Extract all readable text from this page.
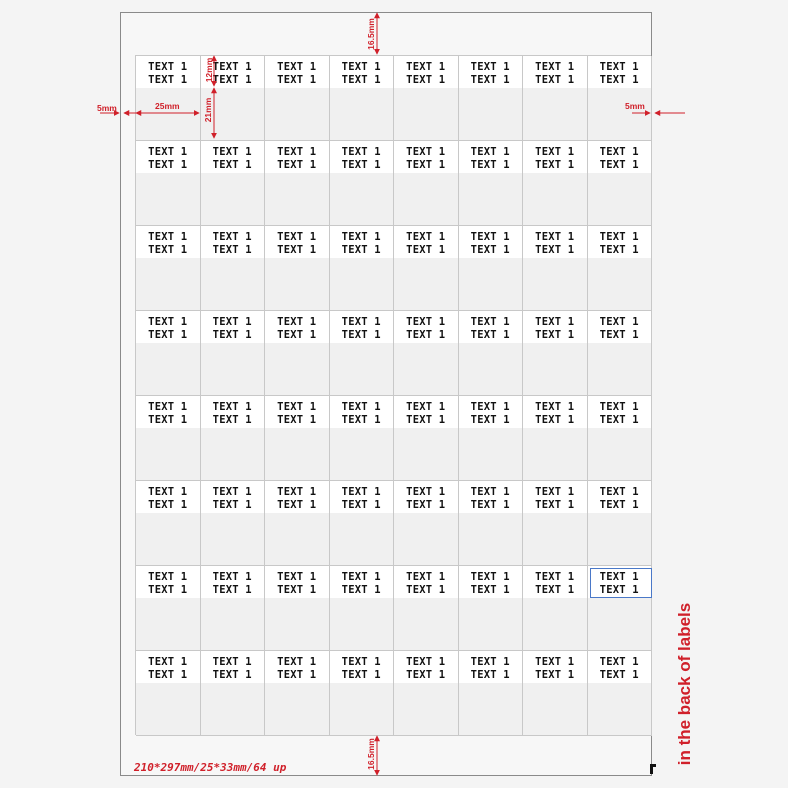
TEXT 1
TEXT 1
TEXT 1
TEXT 1
TEXT 1
TEXT 1
TEXT 1
TEXT 1
TEXT 1
TEXT 1
TEXT 1
TEXT 1
TEXT 1
TEXT 1
TEXT 1
TEXT 1
TEXT 1
TEXT 1
TEXT 1
TEXT 1
TEXT 1
TEXT 1
TEXT 1
TEXT 1
TEXT 1
TEXT 1
TEXT 1
TEXT 1
TEXT 1
TEXT 1
TEXT 1
TEXT 1
TEXT 1
TEXT 1
TEXT 1
TEXT 1
TEXT 1
TEXT 1
TEXT 1
TEXT 1
TEXT 1
TEXT 1
TEXT 1
TEXT 1
TEXT 1
TEXT 1
TEXT 1
TEXT 1
TEXT 1
TEXT 1
TEXT 1
TEXT 1
TEXT 1
TEXT 1
TEXT 1
TEXT 1
TEXT 1
TEXT 1
TEXT 1
TEXT 1
TEXT 1
TEXT 1
TEXT 1
TEXT 1
TEXT 1
TEXT 1
TEXT 1
TEXT 1
TEXT 1
TEXT 1
TEXT 1
TEXT 1
TEXT 1
TEXT 1
TEXT 1
TEXT 1
TEXT 1
TEXT 1
TEXT 1
TEXT 1
TEXT 1
TEXT 1
TEXT 1
TEXT 1
TEXT 1
TEXT 1
TEXT 1
TEXT 1
TEXT 1
TEXT 1
TEXT 1
TEXT 1
TEXT 1
TEXT 1
TEXT 1
TEXT 1
TEXT 1
TEXT 1
TEXT 1
TEXT 1
TEXT 1
TEXT 1
TEXT 1
TEXT 1
TEXT 1
TEXT 1
TEXT 1
TEXT 1
TEXT 1
TEXT 1
TEXT 1
TEXT 1
TEXT 1
TEXT 1
TEXT 1
TEXT 1
TEXT 1
TEXT 1
TEXT 1
TEXT 1
TEXT 1
TEXT 1
TEXT 1
TEXT 1
TEXT 1
TEXT 1
TEXT 1
TEXT 1
16.5mm
16.5mm
5mm	5mm
25mm
12mm
21mm
210*297mm/25*33mm/64 up
in the back of labels
